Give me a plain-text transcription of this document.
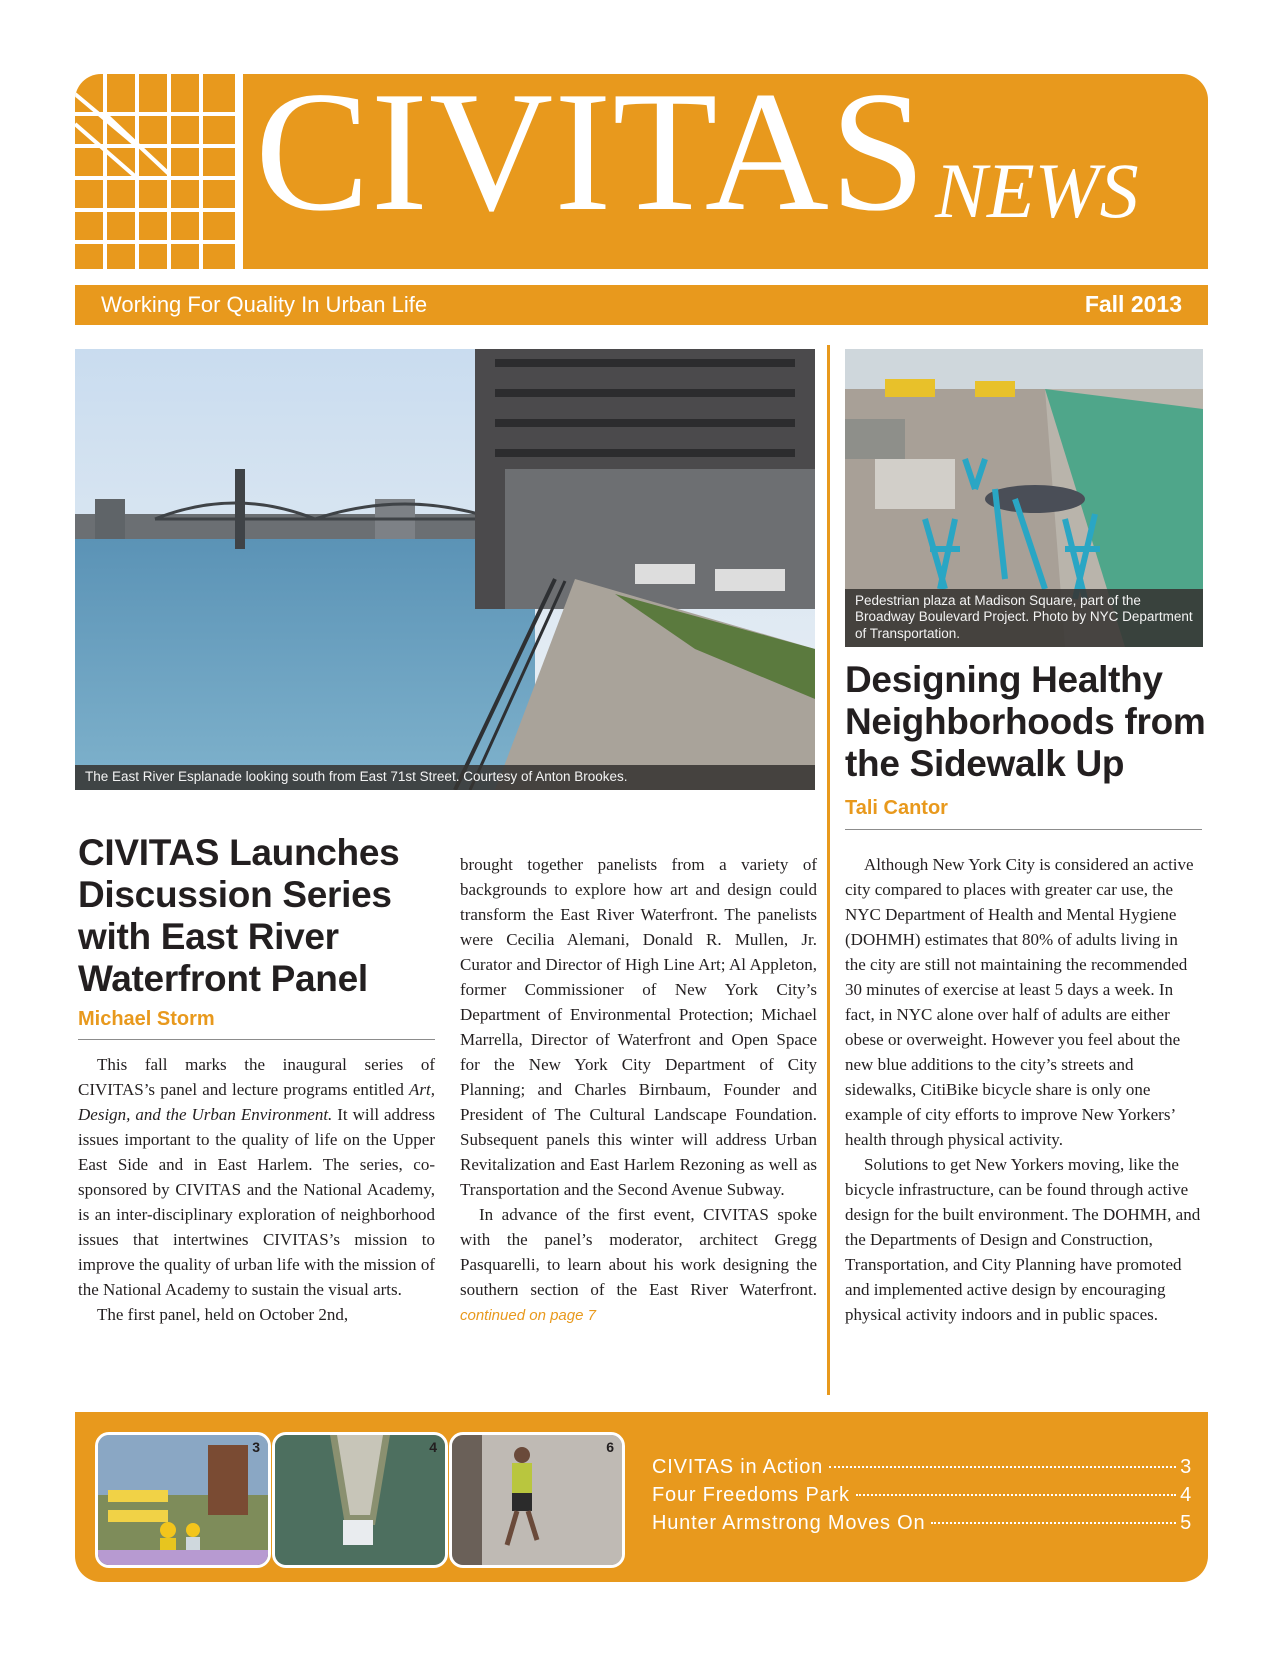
CIVITAS NEWS
Working For Quality In Urban Life	Fall 2013
The East River Esplanade looking south from East 71st Street. Courtesy of Anton Brookes.
Pedestrian plaza at Madison Square, part of the Broadway Boulevard Project. Photo by NYC Department of Transportation.
CIVITAS Launches
Discussion Series
with East River
Waterfront Panel
Michael Storm

This fall marks the inaugural series of CIVITAS’s panel and lecture programs entitled Art, Design, and the Urban Environment. It will address issues important to the quality of life on the Upper East Side and in East Harlem. The series, co-sponsored by CIVITAS and the National Academy, is an inter-disciplinary exploration of neighborhood issues that intertwines CIVITAS’s mission to improve the quality of urban life with the mission of the National Academy to sustain the visual arts.

The first panel, held on October 2nd,

brought together panelists from a variety of backgrounds to explore how art and design could transform the East River Waterfront. The panelists were Cecilia Alemani, Donald R. Mullen, Jr. Curator and Director of High Line Art; Al Appleton, former Commissioner of New York City’s Department of Environmental Protection; Michael Marrella, Director of Waterfront and Open Space for the New York City Department of City Planning; and Charles Birnbaum, Founder and President of The Cultural Landscape Foundation. Subsequent panels this winter will address Urban Revitalization and East Harlem Rezoning as well as Transportation and the Second Avenue Subway.

In advance of the first event, CIVITAS spoke with the panel’s moderator, architect Gregg Pasquarelli, to learn about his work designing the southern section of the East River Waterfront. continued on page 7

Designing Healthy
Neighborhoods from
the Sidewalk Up
Tali Cantor

Although New York City is considered an active city compared to places with greater car use, the NYC Department of Health and Mental Hygiene (DOHMH) estimates that 80% of adults living in the city are still not maintaining the recommended 30 minutes of exercise at least 5 days a week. In fact, in NYC alone over half of adults are either obese or overweight. However you feel about the new blue additions to the city’s streets and sidewalks, CitiBike bicycle share is only one example of city efforts to improve New Yorkers’ health through physical activity.

Solutions to get New Yorkers moving, like the bicycle infrastructure, can be found through active design for the built environment. The DOHMH, and the Departments of Design and Construction, Transportation, and City Planning have promoted and implemented active design by encouraging physical activity indoors and in public spaces.

3	4	6
CIVITAS in Action	3
Four Freedoms Park	4
Hunter Armstrong Moves On	5
